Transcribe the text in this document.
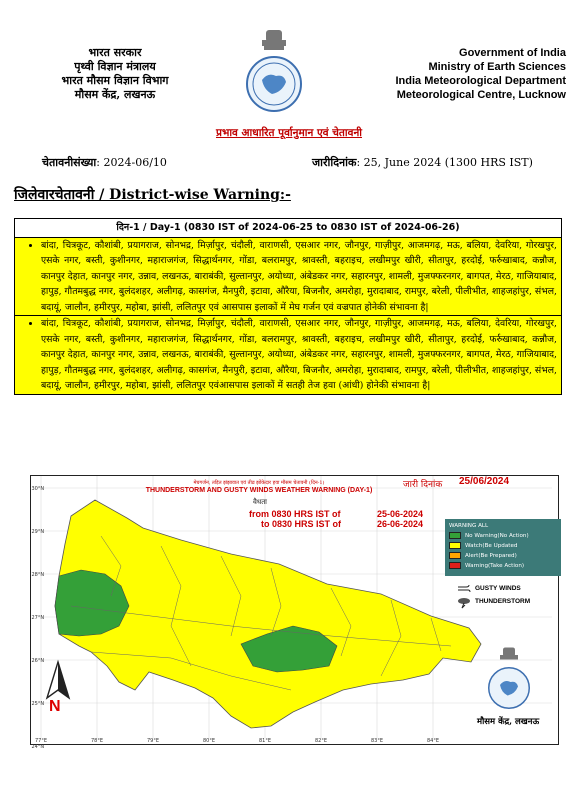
भारत सरकार
पृथ्वी विज्ञान मंत्रालय
भारत मौसम विज्ञान विभाग
मौसम केंद्र, लखनऊ
Government of India
Ministry of Earth Sciences
India Meteorological Department
Meteorological Centre, Lucknow
प्रभाव आधारित पूर्वानुमान एवं चेतावनी
चेतावनीसंख्या: 2024-06/10	जारीदिनांक: 25, June 2024 (1300 HRS IST)
जिलेवारचेतावनी / District-wise Warning:-
दिन-1 / Day-1 (0830 IST of 2024-06-25 to 0830 IST of 2024-06-26)

• बांदा, चित्रकूट, कौशांबी, प्रयागराज, सोनभद्र, मिर्ज़ापुर, चंदौली, वाराणसी, एसआर नगर, जौनपुर, गाज़ीपुर, आजमगढ़, मऊ, बलिया, देवरिया, गोरखपुर, एसके नगर, बस्ती, कुशीनगर, महाराजगंज, सिद्धार्थनगर, गोंडा, बलरामपुर, श्रावस्ती, बहराइच, लखीमपुर खीरी, सीतापुर, हरदोई, फर्रुखाबाद, कन्नौज, कानपुर देहात, कानपुर नगर, उन्नाव, लखनऊ, बाराबंकी, सुल्तानपुर, अयोध्या, अंबेडकर नगर, सहारनपुर, शामली, मुजफ्फरनगर, बागपत, मेरठ, गाजियाबाद, हापुड़, गौतमबुद्ध नगर, बुलंदशहर, अलीगढ़, कासगंज, मैनपुरी, इटावा, औरैया, बिजनौर, अमरोहा, मुरादाबाद, रामपुर, बरेली, पीलीभीत, शाहजहांपुर, संभल, बदायूं, जालौन, हमीरपुर, महोबा, झांसी, ललितपुर एवं आसपास इलाकों में मेघ गर्जन एवं वज्रपात होनेकी संभावना है|

• बांदा, चित्रकूट, कौशांबी, प्रयागराज, सोनभद्र, मिर्ज़ापुर, चंदौली, वाराणसी, एसआर नगर, जौनपुर, गाज़ीपुर, आजमगढ़, मऊ, बलिया, देवरिया, गोरखपुर, एसके नगर, बस्ती, कुशीनगर, महाराजगंज, सिद्धार्थनगर, गोंडा, बलरामपुर, श्रावस्ती, बहराइच, लखीमपुर खीरी, सीतापुर, हरदोई, फर्रुखाबाद, कन्नौज, कानपुर देहात, कानपुर नगर, उन्नाव, लखनऊ, बाराबंकी, सुल्तानपुर, अयोध्या, अंबेडकर नगर, सहारनपुर, शामली, मुजफ्फरनगर, बागपत, मेरठ, गाजियाबाद, हापुड़, गौतमबुद्ध नगर, बुलंदशहर, अलीगढ़, कासगंज, मैनपुरी, इटावा, औरैया, बिजनौर, अमरोहा, मुरादाबाद, रामपुर, बरेली, पीलीभीत, शाहजहांपुर, संभल, बदायूं, जालौन, हमीरपुर, महोबा, झांसी, ललितपुर एवंआसपास इलाकों में सतही तेज हवा (आंधी) होनेकी संभावना है|
30°N
29°N
28°N
27°N
26°N
25°N
24°N
77°E	78°E	79°E	80°E	81°E	82°E	83°E	84°E
मेघगर्जन, तड़ित झंझावात एवं तीव्र झोंकेदार हवा मौसम चेतावनी (दिन-1)
THUNDERSTORM AND GUSTY WINDS WEATHER WARNING (DAY-1)
जारी दिनांक 25/06/2024
वैधता
from 0830 HRS IST of	25-06-2024
to 0830 HRS IST of	26-06-2024
N
GUSTY WINDS
THUNDERSTORM
मौसम केंद्र, लखनऊ
WARNING ALL
No Warning(No Action)
Watch(Be Updated
Alert(Be Prepared)
Warning(Take Action)
